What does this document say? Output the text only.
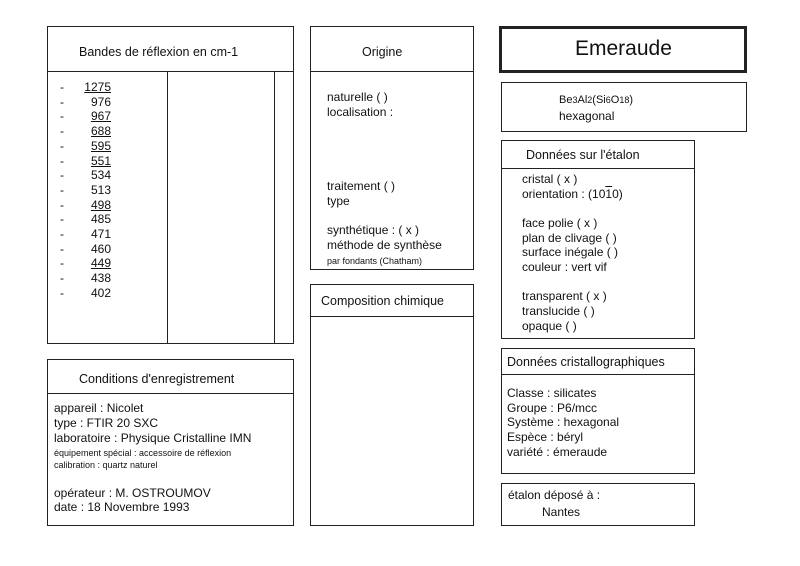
Bandes de réflexion en cm-1
- 1275
- 976
- 967
- 688
- 595
- 551
- 534
- 513
- 498
- 485
- 471
- 460
- 449
- 438
- 402
Conditions d'enregistrement
appareil : Nicolet
type : FTIR 20 SXC
laboratoire : Physique Cristalline IMN
équipement spécial : accessoire de réflexion
calibration : quartz naturel
opérateur : M. OSTROUMOV
date : 18 Novembre 1993
Origine
naturelle ( )
localisation :
traitement ( )
type
synthétique : ( x )
méthode de synthèse
par fondants (Chatham)
Composition chimique
Emeraude
Be3Al2(Si6O18)
hexagonal
Données sur l'étalon
cristal ( x )
orientation : (1010)
face polie ( x )
plan de clivage ( )
surface inégale ( )
couleur : vert vif
transparent ( x )
translucide ( )
opaque ( )
Données cristallographiques
Classe : silicates
Groupe : P6/mcc
Système : hexagonal
Espèce : béryl
variété : émeraude
étalon déposé à :
Nantes
